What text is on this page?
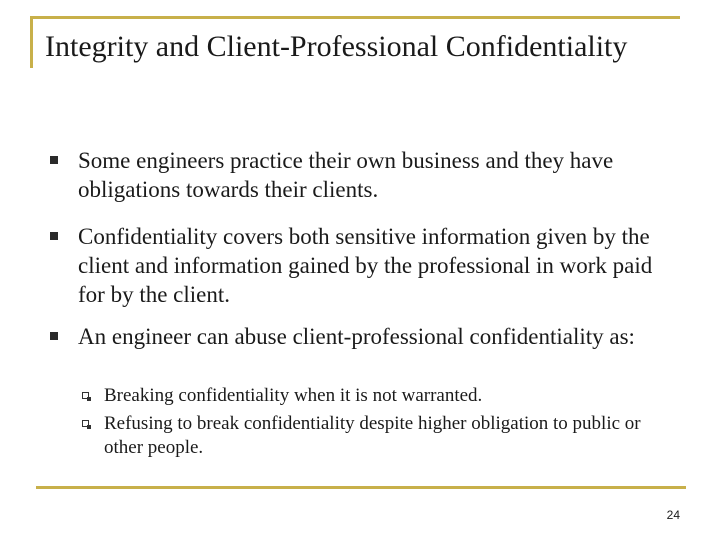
Integrity and Client-Professional Confidentiality
Some engineers practice their own business and they have obligations towards their clients.
Confidentiality covers both sensitive information given by the client and information gained by the professional in work paid for by the client.
An engineer can abuse client-professional confidentiality as:
Breaking confidentiality when it is not warranted.
Refusing to break confidentiality despite higher obligation to public or other people.
24
